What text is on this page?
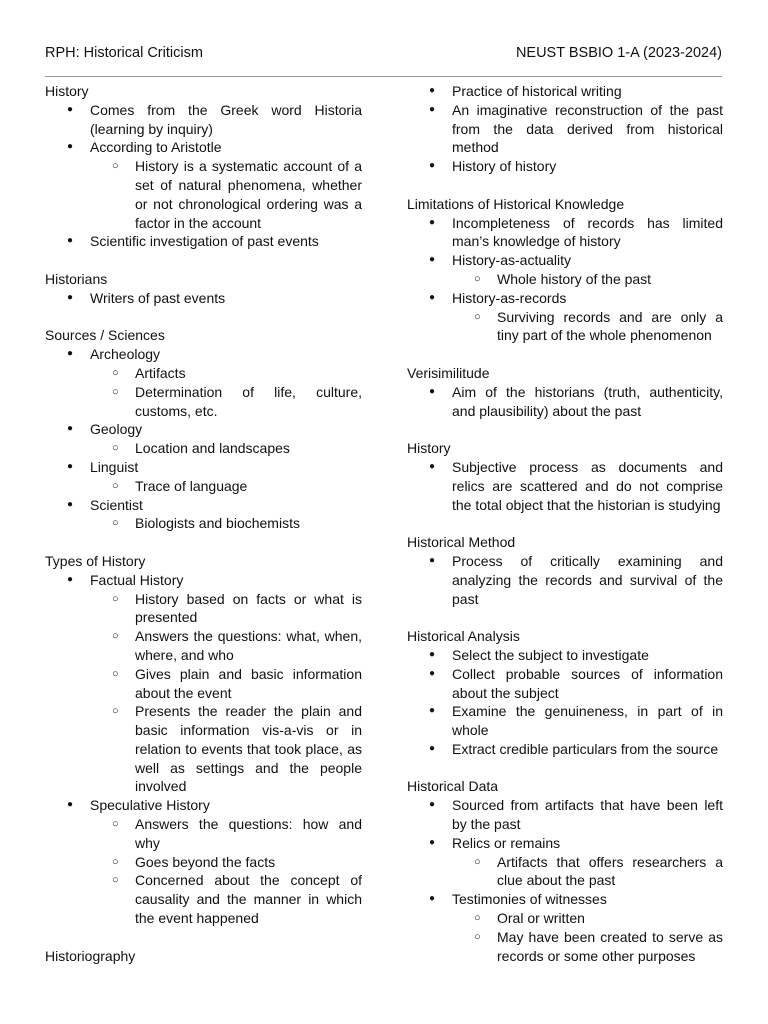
RPH: Historical Criticism	NEUST BSBIO 1-A (2023-2024)
History
● Comes from the Greek word Historia (learning by inquiry)
● According to Aristotle
○ History is a systematic account of a set of natural phenomena, whether or not chronological ordering was a factor in the account
● Scientific investigation of past events
Historians
● Writers of past events
Sources / Sciences
● Archeology
○ Artifacts
○ Determination of life, culture, customs, etc.
● Geology
○ Location and landscapes
● Linguist
○ Trace of language
● Scientist
○ Biologists and biochemists
Types of History
● Factual History
○ History based on facts or what is presented
○ Answers the questions: what, when, where, and who
○ Gives plain and basic information about the event
○ Presents the reader the plain and basic information vis-a-vis or in relation to events that took place, as well as settings and the people involved
● Speculative History
○ Answers the questions: how and why
○ Goes beyond the facts
○ Concerned about the concept of causality and the manner in which the event happened
Historiography
● Practice of historical writing
● An imaginative reconstruction of the past from the data derived from historical method
● History of history
Limitations of Historical Knowledge
● Incompleteness of records has limited man’s knowledge of history
● History-as-actuality
○ Whole history of the past
● History-as-records
○ Surviving records and are only a tiny part of the whole phenomenon
Verisimilitude
● Aim of the historians (truth, authenticity, and plausibility) about the past
History
● Subjective process as documents and relics are scattered and do not comprise the total object that the historian is studying
Historical Method
● Process of critically examining and analyzing the records and survival of the past
Historical Analysis
● Select the subject to investigate
● Collect probable sources of information about the subject
● Examine the genuineness, in part of in whole
● Extract credible particulars from the source
Historical Data
● Sourced from artifacts that have been left by the past
● Relics or remains
○ Artifacts that offers researchers a clue about the past
● Testimonies of witnesses
○ Oral or written
○ May have been created to serve as records or some other purposes
